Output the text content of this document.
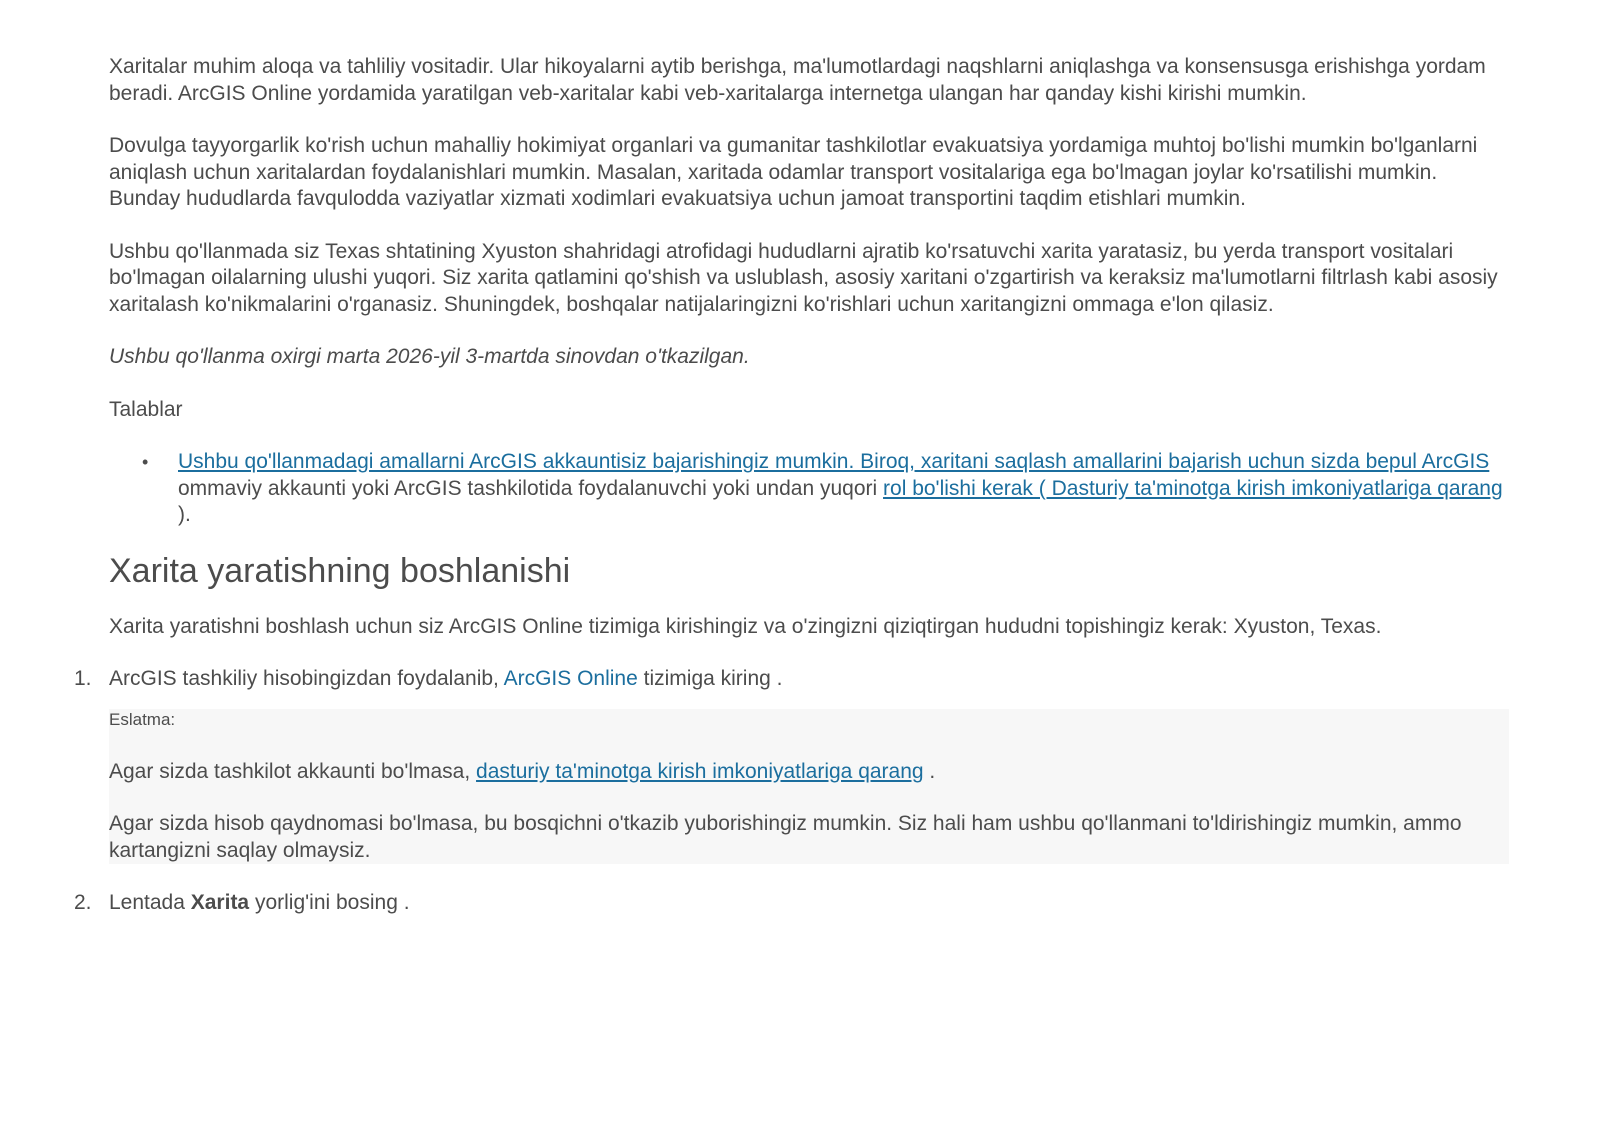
Xaritalar muhim aloqa va tahliliy vositadir. Ular hikoyalarni aytib berishga, ma'lumotlardagi naqshlarni aniqlashga va konsensusga erishishga yordam beradi. ArcGIS Online yordamida yaratilgan veb-xaritalar kabi veb-xaritalarga internetga ulangan har qanday kishi kirishi mumkin.

Dovulga tayyorgarlik ko'rish uchun mahalliy hokimiyat organlari va gumanitar tashkilotlar evakuatsiya yordamiga muhtoj bo'lishi mumkin bo'lganlarni aniqlash uchun xaritalardan foydalanishlari mumkin. Masalan, xaritada odamlar transport vositalariga ega bo'lmagan joylar ko'rsatilishi mumkin. Bunday hududlarda favqulodda vaziyatlar xizmati xodimlari evakuatsiya uchun jamoat transportini taqdim etishlari mumkin.

Ushbu qo'llanmada siz Texas shtatining Xyuston shahridagi atrofidagi hududlarni ajratib ko'rsatuvchi xarita yaratasiz, bu yerda transport vositalari bo'lmagan oilalarning ulushi yuqori. Siz xarita qatlamini qo'shish va uslublash, asosiy xaritani o'zgartirish va keraksiz ma'lumotlarni filtrlash kabi asosiy xaritalash ko'nikmalarini o'rganasiz. Shuningdek, boshqalar natijalaringizni ko'rishlari uchun xaritangizni ommaga e'lon qilasiz.

Ushbu qo'llanma oxirgi marta 2026-yil 3-martda sinovdan o'tkazilgan.

Talablar

• Ushbu qo'llanmadagi amallarni ArcGIS akkauntisiz bajarishingiz mumkin. Biroq, xaritani saqlash amallarini bajarish uchun sizda bepul ArcGIS ommaviy akkaunti yoki ArcGIS tashkilotida foydalanuvchi yoki undan yuqori rol bo'lishi kerak ( Dasturiy ta'minotga kirish imkoniyatlariga qarang ).
Xarita yaratishning boshlanishi

Xarita yaratishni boshlash uchun siz ArcGIS Online tizimiga kirishingiz va o'zingizni qiziqtirgan hududni topishingiz kerak: Xyuston, Texas.

1. ArcGIS tashkiliy hisobingizdan foydalanib, ArcGIS Online tizimiga kiring .
Eslatma:

Agar sizda tashkilot akkaunti bo'lmasa, dasturiy ta'minotga kirish imkoniyatlariga qarang .

Agar sizda hisob qaydnomasi bo'lmasa, bu bosqichni o'tkazib yuborishingiz mumkin. Siz hali ham ushbu qo'llanmani to'ldirishingiz mumkin, ammo kartangizni saqlay olmaysiz.

2. Lentada Xarita yorlig'ini bosing .
